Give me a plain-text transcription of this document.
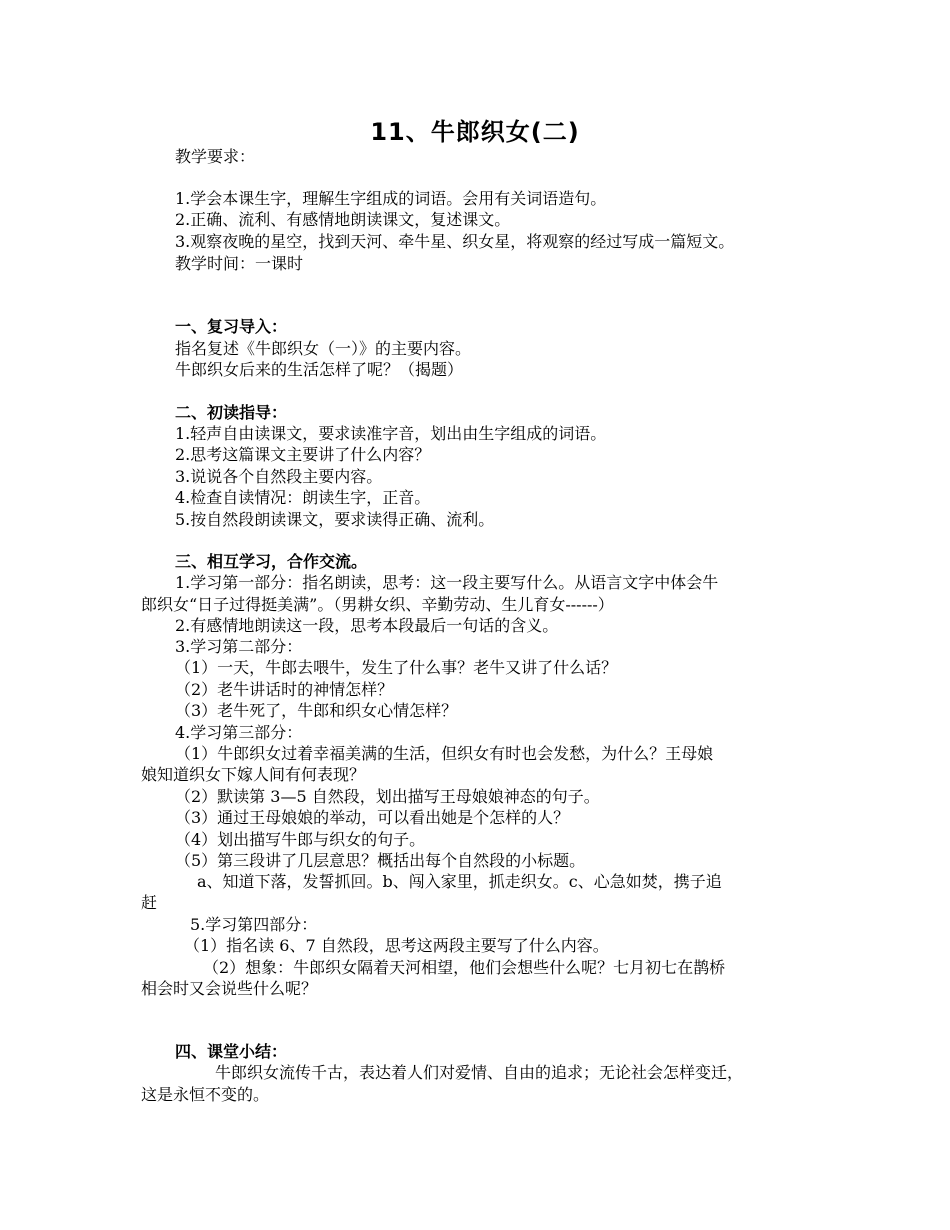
11、牛郎织女(二)
教学要求：
1.学会本课生字，理解生字组成的词语。会用有关词语造句。
2.正确、流利、有感情地朗读课文，复述课文。
3.观察夜晚的星空，找到天河、牵牛星、织女星，将观察的经过写成一篇短文。
教学时间：一课时
一、复习导入：
指名复述《牛郎织女（一）》的主要内容。
牛郎织女后来的生活怎样了呢？（揭题）
二、初读指导：
1.轻声自由读课文，要求读准字音，划出由生字组成的词语。
2.思考这篇课文主要讲了什么内容？
3.说说各个自然段主要内容。
4.检查自读情况：朗读生字，正音。
5.按自然段朗读课文，要求读得正确、流利。
三、相互学习，合作交流。
1.学习第一部分：指名朗读，思考：这一段主要写什么。从语言文字中体会牛
郎织女“日子过得挺美满”。（男耕女织、辛勤劳动、生儿育女------）
2.有感情地朗读这一段，思考本段最后一句话的含义。
3.学习第二部分：
（1）一天，牛郎去喂牛，发生了什么事？老牛又讲了什么话？
（2）老牛讲话时的神情怎样？
（3）老牛死了，牛郎和织女心情怎样？
4.学习第三部分：
（1）牛郎织女过着幸福美满的生活，但织女有时也会发愁，为什么？王母娘
娘知道织女下嫁人间有何表现？
（2）默读第 3—5 自然段，划出描写王母娘娘神态的句子。
（3）通过王母娘娘的举动，可以看出她是个怎样的人？
（4）划出描写牛郎与织女的句子。
（5）第三段讲了几层意思？概括出每个自然段的小标题。
a、知道下落，发誓抓回。b、闯入家里，抓走织女。c、心急如焚，携子追
赶
5.学习第四部分：
（1）指名读 6、7 自然段，思考这两段主要写了什么内容。
（2）想象：牛郎织女隔着天河相望，他们会想些什么呢？七月初七在鹊桥
相会时又会说些什么呢？
四、课堂小结：
牛郎织女流传千古，表达着人们对爱情、自由的追求；无论社会怎样变迁，
这是永恒不变的。
